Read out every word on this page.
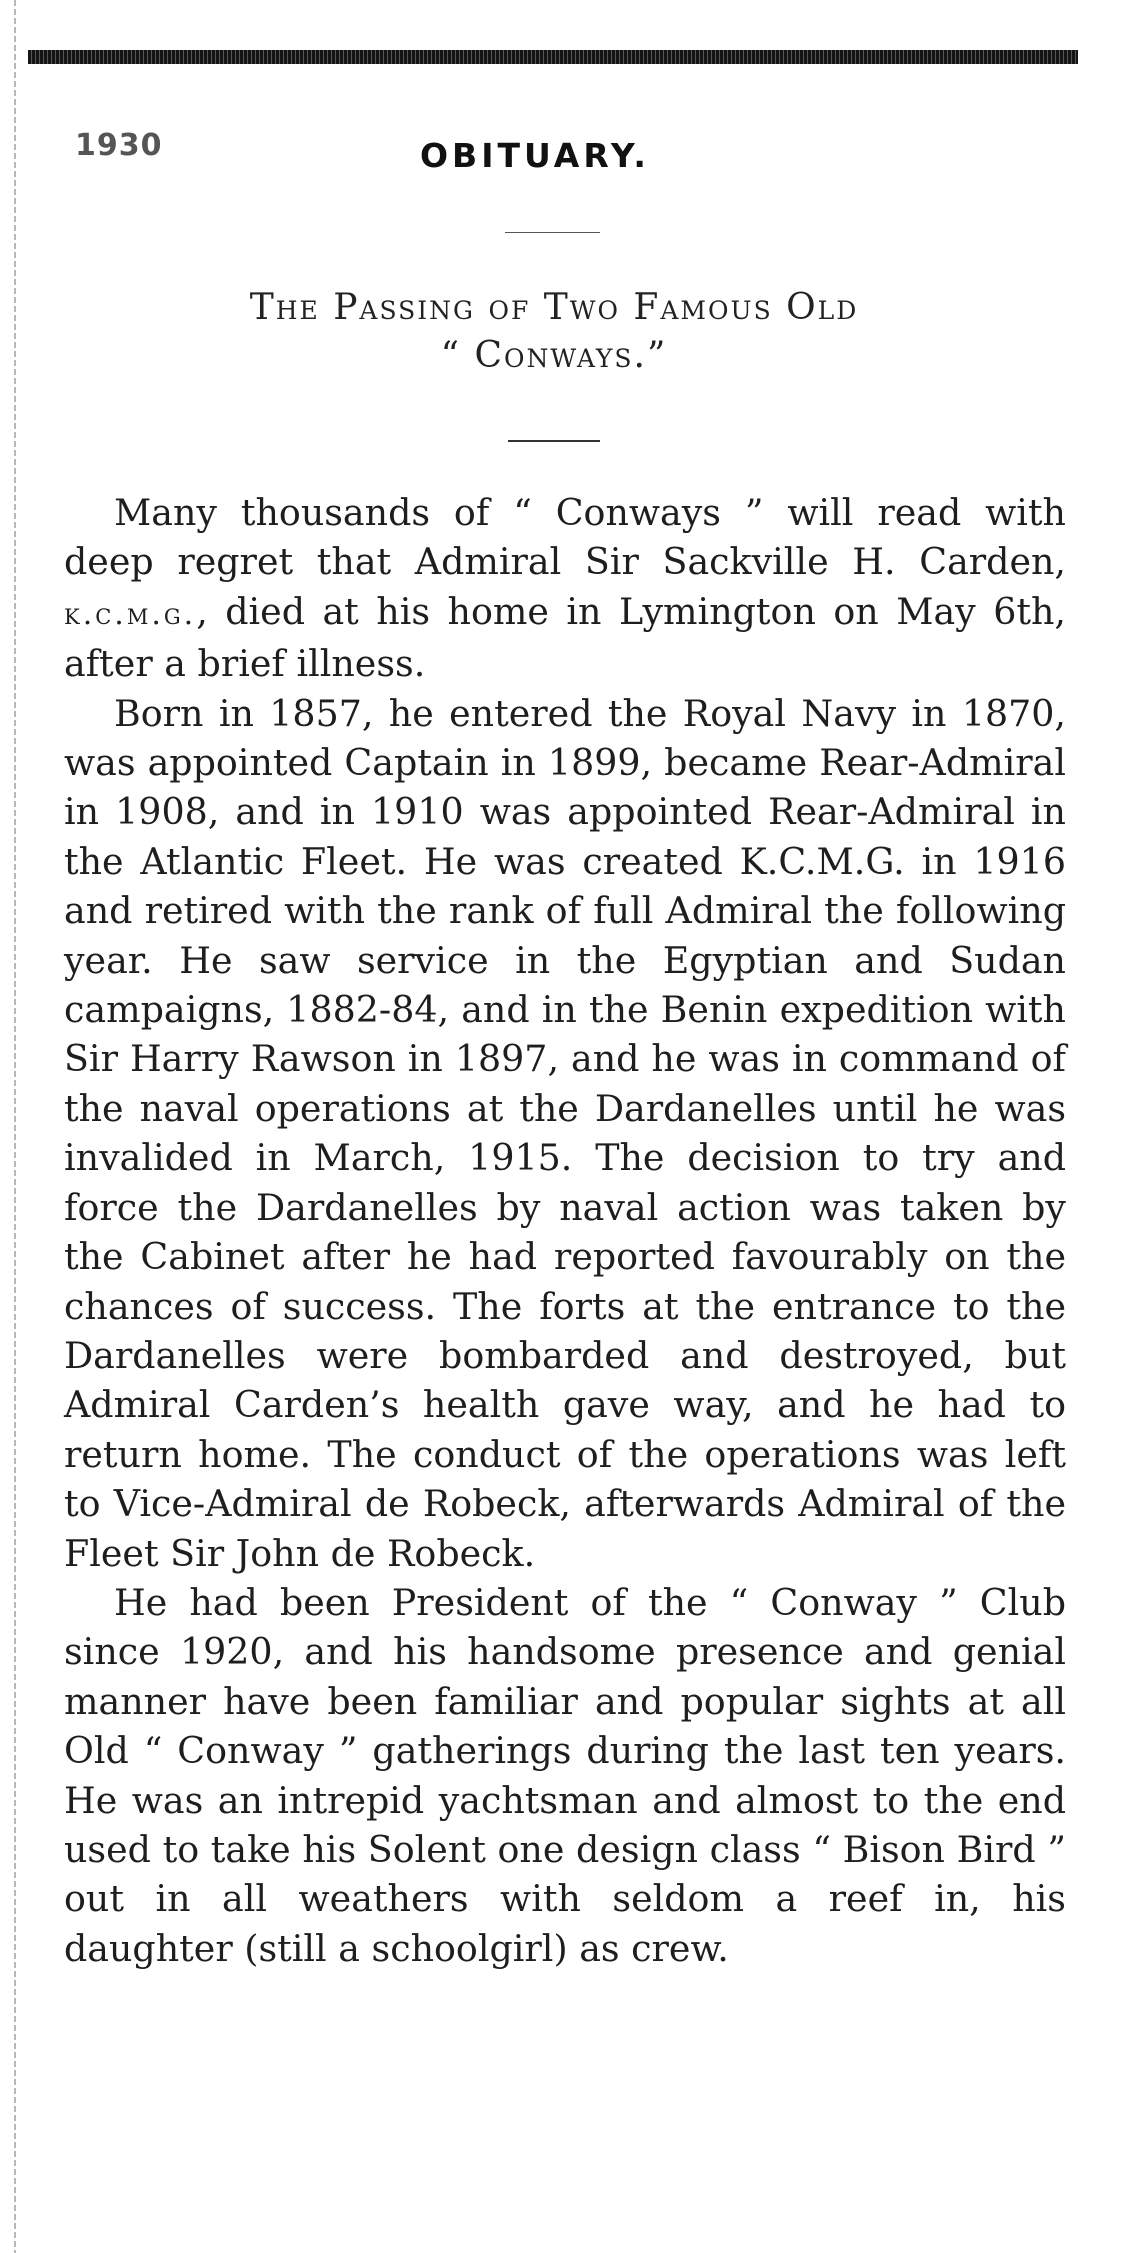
1930	OBITUARY.
The Passing of Two Famous Old
“ Conways.”

Many thousands of “ Conways ” will read with deep regret that Admiral Sir Sackville H. Carden, k.c.m.g., died at his home in Lymington on May 6th, after a brief illness.

Born in 1857, he entered the Royal Navy in 1870, was appointed Captain in 1899, became Rear-Admiral in 1908, and in 1910 was appointed Rear-Admiral in the Atlantic Fleet. He was created K.C.M.G. in 1916 and retired with the rank of full Admiral the following year. He saw service in the Egyptian and Sudan campaigns, 1882-84, and in the Benin expedition with Sir Harry Rawson in 1897, and he was in command of the naval operations at the Dardanelles until he was invalided in March, 1915. The decision to try and force the Dardanelles by naval action was taken by the Cabinet after he had reported favourably on the chances of success. The forts at the entrance to the Dardanelles were bombarded and destroyed, but Admiral Carden’s health gave way, and he had to return home. The conduct of the operations was left to Vice-Admiral de Robeck, afterwards Admiral of the Fleet Sir John de Robeck.

He had been President of the “ Conway ” Club since 1920, and his handsome presence and genial manner have been familiar and popular sights at all Old “ Conway ” gatherings during the last ten years. He was an intrepid yachtsman and almost to the end used to take his Solent one design class “ Bison Bird ” out in all weathers with seldom a reef in, his daughter (still a schoolgirl) as crew.
